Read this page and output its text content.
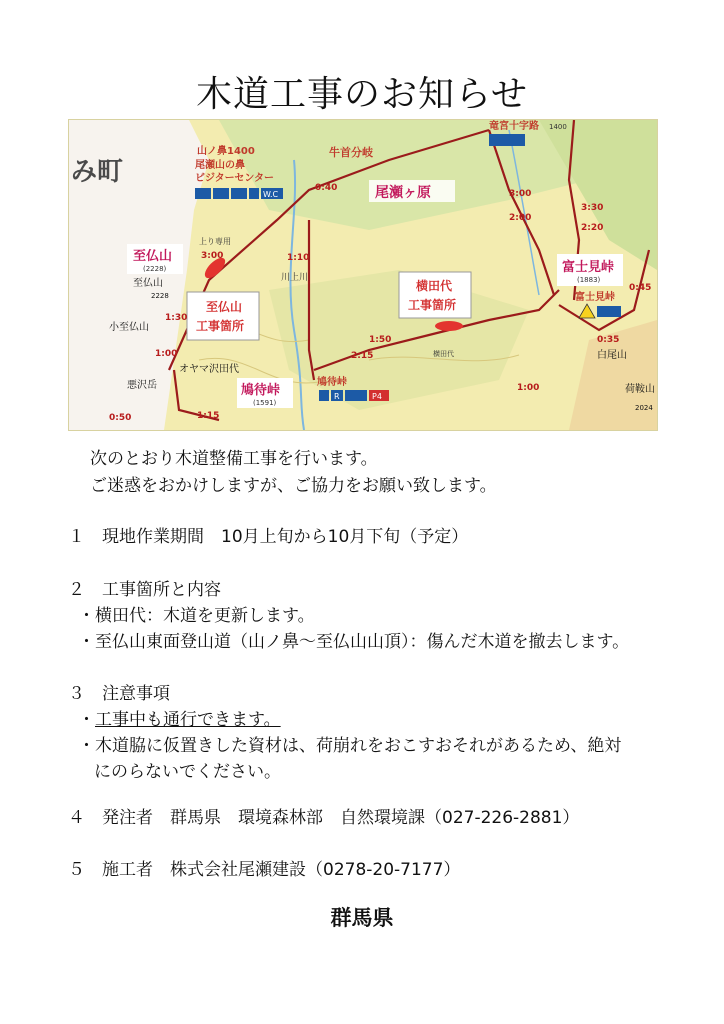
木道工事のお知らせ
み町
山ノ鼻1400
尾瀬山の鼻
ビジターセンター
W.C
上り専用
牛首分岐
尾瀬ヶ原
竜宮十字路 1400
至仏山
(2228)
至仏山
2228
小至仏山
オヤマ沢田代
悪沢岳
至仏山
工事箇所
横田代
工事箇所
横田代
鳩待峠
(1591)
鳩待峠
R	P4
富士見峠
(1883)
富士見峠
白尾山
荷鞍山
2024
川上川
3:00
1:30
1:00
1:10
0:50	1:15
1:50
2:15
0:40
3:00
2:00
3:30
2:20
0:35
0:45
1:00
次のとおり木道整備工事を行います。
ご迷惑をおかけしますが、ご協力をお願い致します。
１　現地作業期間　10月上旬から10月下旬（予定）
２　工事箇所と内容
・横田代：木道を更新します。
・至仏山東面登山道（山ノ鼻～至仏山山頂）：傷んだ木道を撤去します。
３　注意事項
・工事中も通行できます。
・木道脇に仮置きした資材は、荷崩れをおこすおそれがあるため、絶対
にのらないでください。
４　発注者　群馬県　環境森林部　自然環境課（027-226-2881）
５　施工者　株式会社尾瀬建設（0278-20-7177）
群馬県
